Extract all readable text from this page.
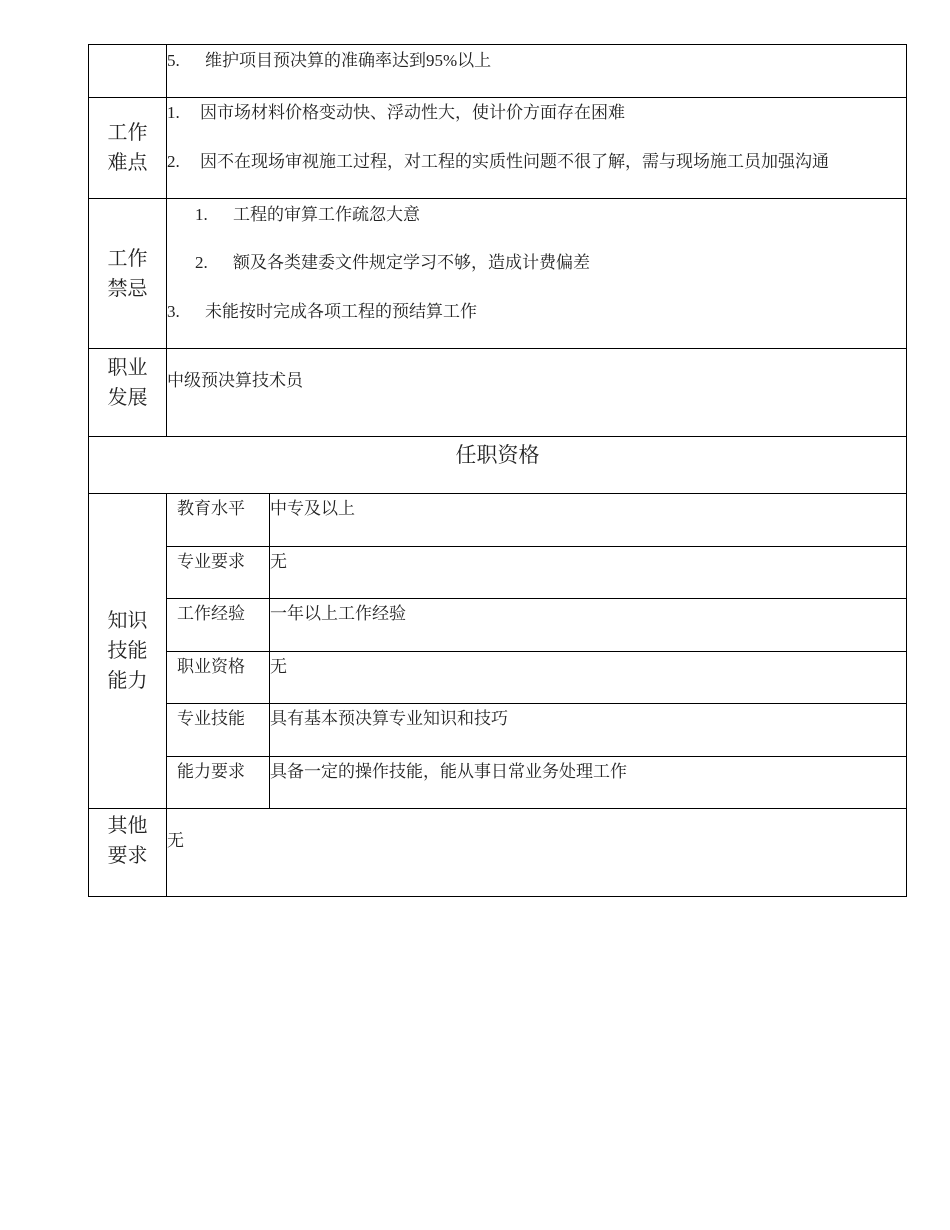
	5. 维护项目预决算的准确率达到95%以上	

工作
难点	1. 因市场材料价格变动快、浮动性大，使计价方面存在困难
2. 因不在现场审视施工过程，对工程的实质性问题不很了解，需与现场施工员加强沟通	

工作
禁忌	1. 工程的审算工作疏忽大意
2. 额及各类建委文件规定学习不够，造成计费偏差
3. 未能按时完成各项工程的预结算工作	

职业
发展	中级预决算技术员	

任职资格		

知识
技能
能力	教育水平	中专及以上

	专业要求	无

	工作经验	一年以上工作经验

	职业资格	无

	专业技能	具有基本预决算专业知识和技巧

	能力要求	具备一定的操作技能，能从事日常业务处理工作

其他
要求	无	
